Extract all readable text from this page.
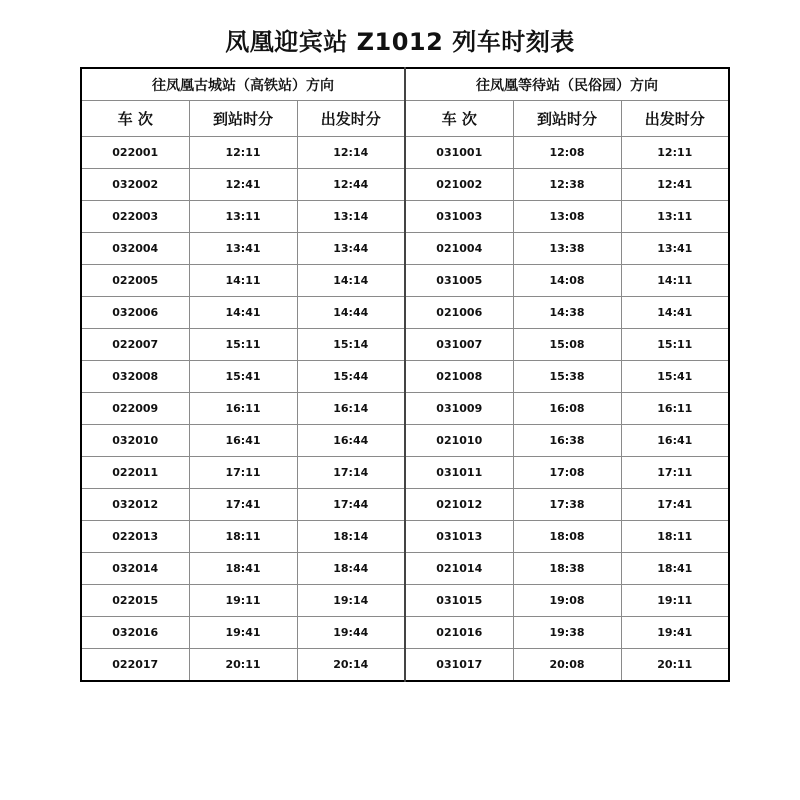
凤凰迎宾站 Z1012 列车时刻表
往凤凰古城站（高铁站）方向			往凤凰等待站（民俗园）方向		
车 次	到站时分	出发时分	车 次	到站时分	出发时分
022001	12:11	12:14	031001	12:08	12:11
032002	12:41	12:44	021002	12:38	12:41
022003	13:11	13:14	031003	13:08	13:11
032004	13:41	13:44	021004	13:38	13:41
022005	14:11	14:14	031005	14:08	14:11
032006	14:41	14:44	021006	14:38	14:41
022007	15:11	15:14	031007	15:08	15:11
032008	15:41	15:44	021008	15:38	15:41
022009	16:11	16:14	031009	16:08	16:11
032010	16:41	16:44	021010	16:38	16:41
022011	17:11	17:14	031011	17:08	17:11
032012	17:41	17:44	021012	17:38	17:41
022013	18:11	18:14	031013	18:08	18:11
032014	18:41	18:44	021014	18:38	18:41
022015	19:11	19:14	031015	19:08	19:11
032016	19:41	19:44	021016	19:38	19:41
022017	20:11	20:14	031017	20:08	20:11
